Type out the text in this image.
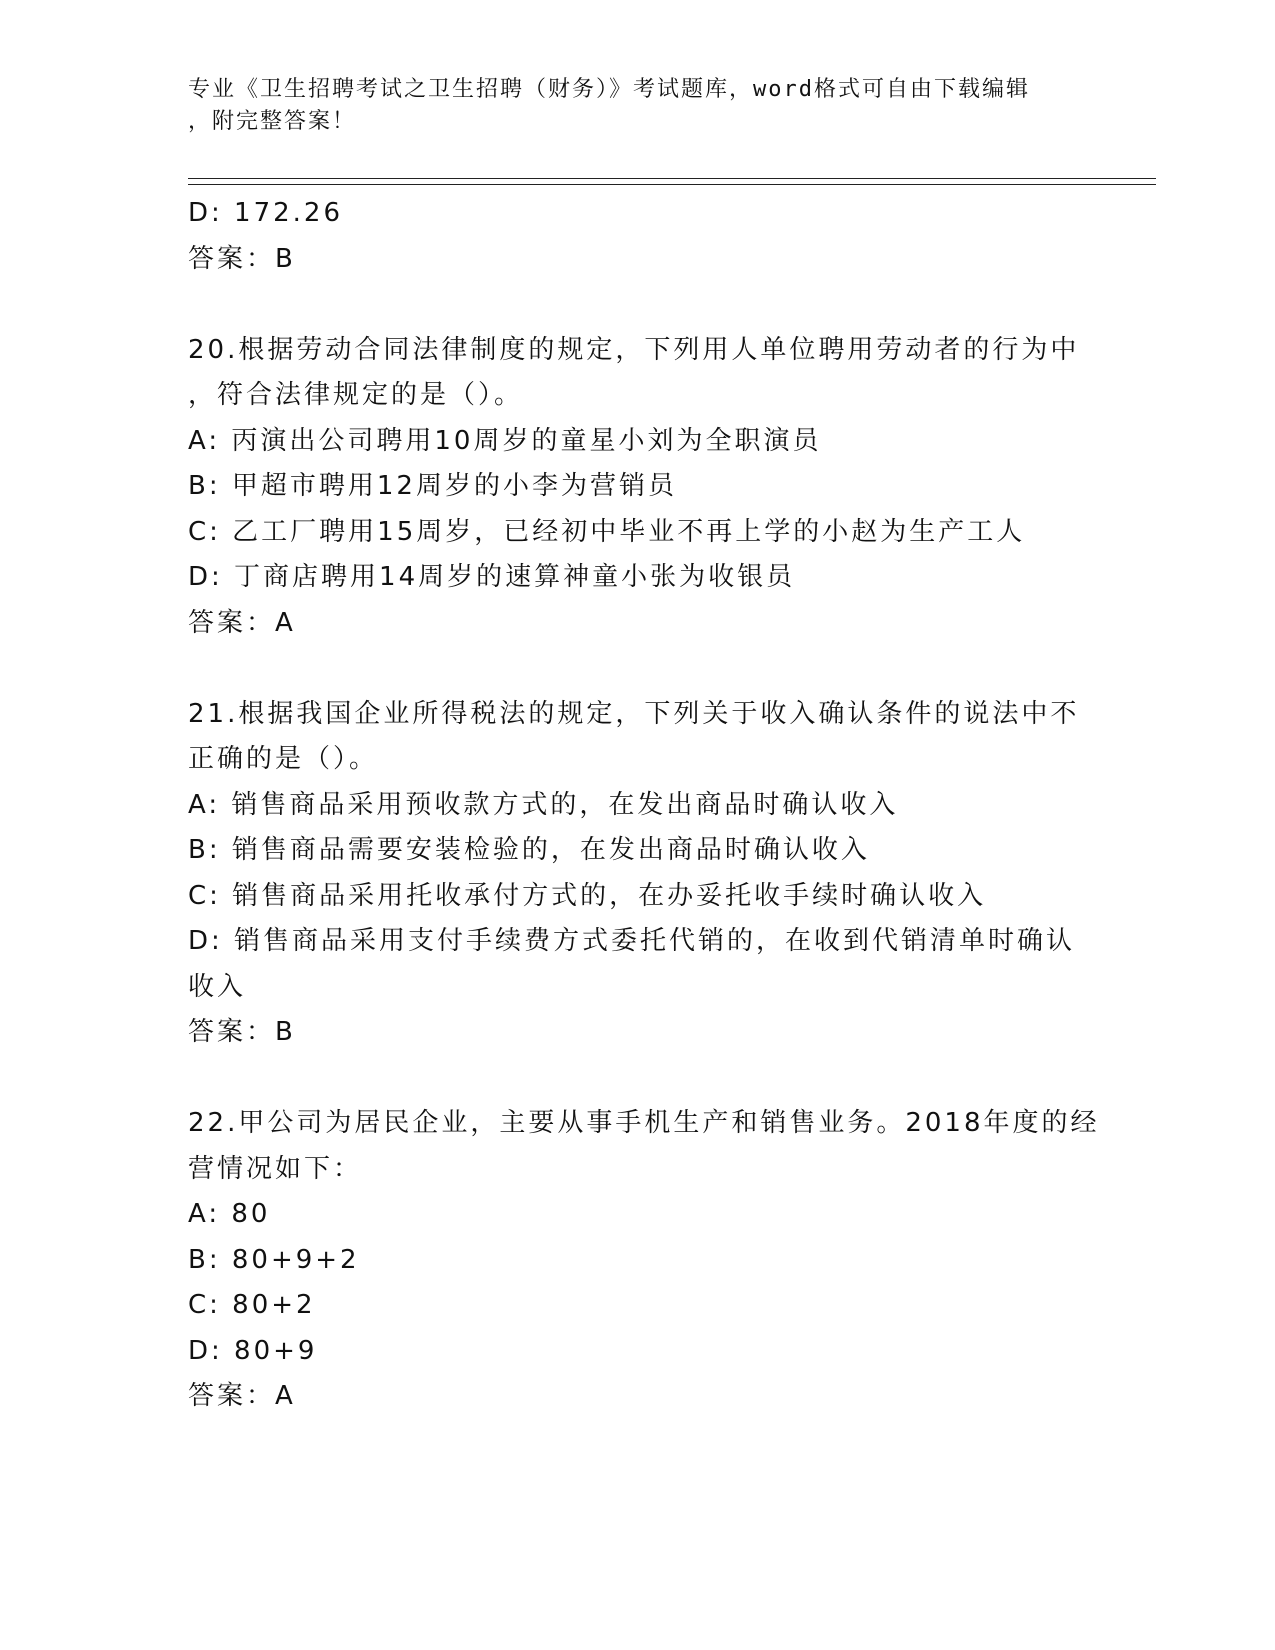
专业《卫生招聘考试之卫生招聘（财务）》考试题库，word格式可自由下载编辑
，附完整答案！
D: 172.26
答案：B
20.根据劳动合同法律制度的规定，下列用人单位聘用劳动者的行为中
，符合法律规定的是（）。
A: 丙演出公司聘用10周岁的童星小刘为全职演员
B: 甲超市聘用12周岁的小李为营销员
C: 乙工厂聘用15周岁，已经初中毕业不再上学的小赵为生产工人
D: 丁商店聘用14周岁的速算神童小张为收银员
答案：A
21.根据我国企业所得税法的规定，下列关于收入确认条件的说法中不
正确的是（）。
A: 销售商品采用预收款方式的，在发出商品时确认收入
B: 销售商品需要安装检验的，在发出商品时确认收入
C: 销售商品采用托收承付方式的，在办妥托收手续时确认收入
D: 销售商品采用支付手续费方式委托代销的，在收到代销清单时确认
收入
答案：B
22.甲公司为居民企业，主要从事手机生产和销售业务。2018年度的经
营情况如下：
A: 80
B: 80+9+2
C: 80+2
D: 80+9
答案：A
